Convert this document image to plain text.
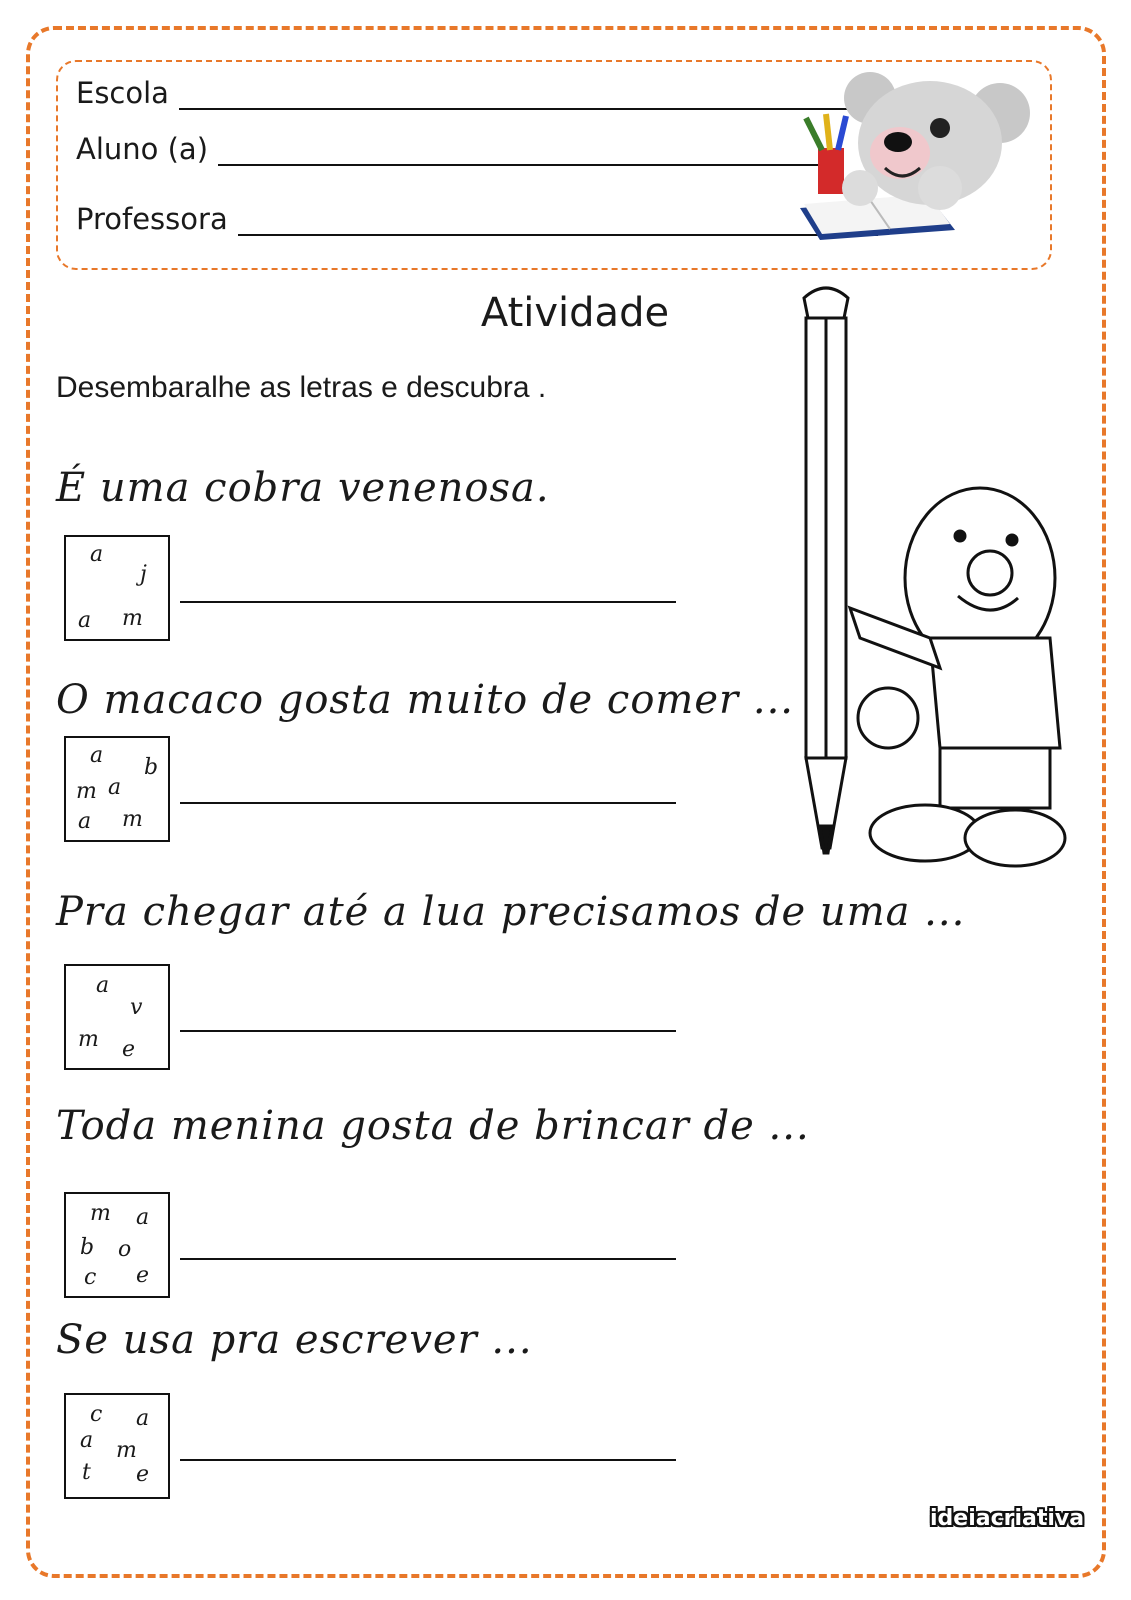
Escola
Aluno (a)
Professora
Atividade
Desembaralhe as letras e descubra .
É uma cobra venenosa.
a
j
a m
O macaco gosta muito de comer ...
a b
m a
a m
Pra chegar até a lua precisamos de uma ...
a
v
m e
Toda menina gosta de brincar de ...
m a
b o
c e
Se usa pra escrever ...
c a
a m
t e
ideiacriativa
